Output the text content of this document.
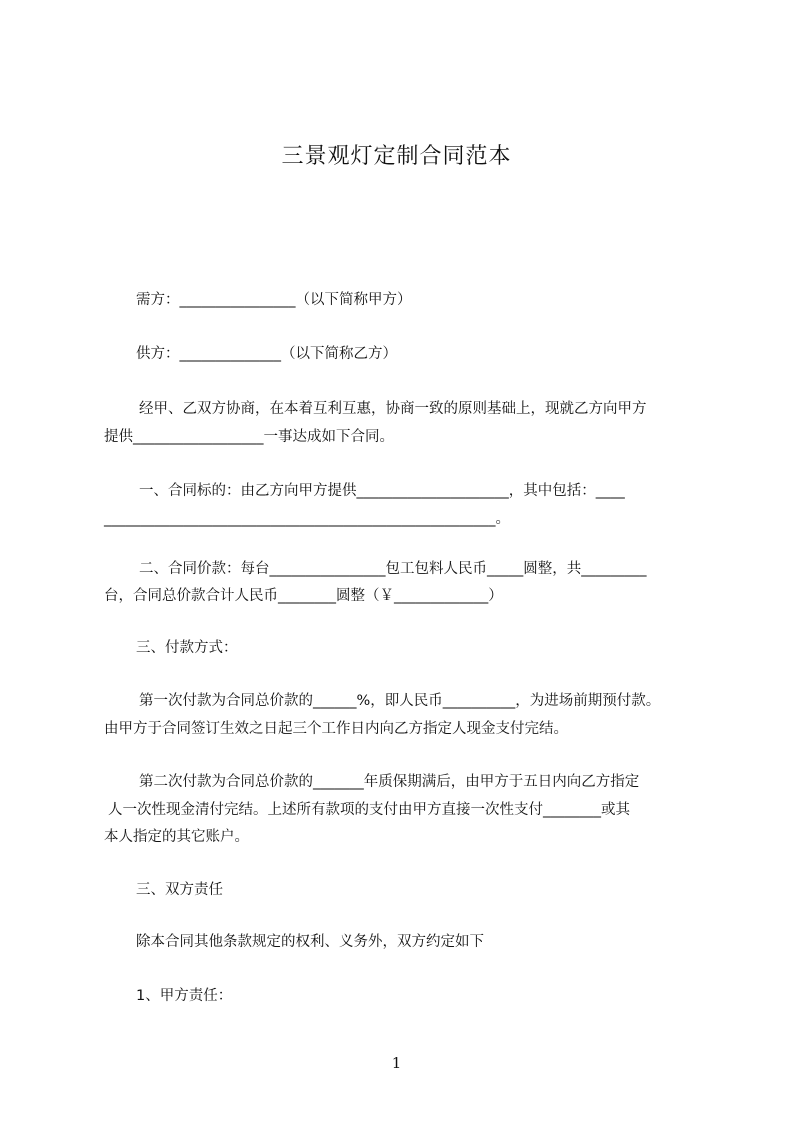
三景观灯定制合同范本
需方：________________（以下简称甲方）
供方：______________（以下简称乙方）
经甲、乙双方协商，在本着互利互惠，协商一致的原则基础上，现就乙方向甲方
提供__________________一事达成如下合同。
一、合同标的：由乙方向甲方提供_____________________，其中包括：____
______________________________________________________。
二、合同价款：每台________________包工包料人民币_____圆整，共_________
台，合同总价款合计人民币________圆整（￥_____________）
三、付款方式：
第一次付款为合同总价款的______%，即人民币__________，为进场前期预付款。
由甲方于合同签订生效之日起三个工作日内向乙方指定人现金支付完结。
第二次付款为合同总价款的_______年质保期满后，由甲方于五日内向乙方指定
人一次性现金清付完结。上述所有款项的支付由甲方直接一次性支付________或其
本人指定的其它账户。
三、双方责任
除本合同其他条款规定的权利、义务外，双方约定如下
1、甲方责任：
1
